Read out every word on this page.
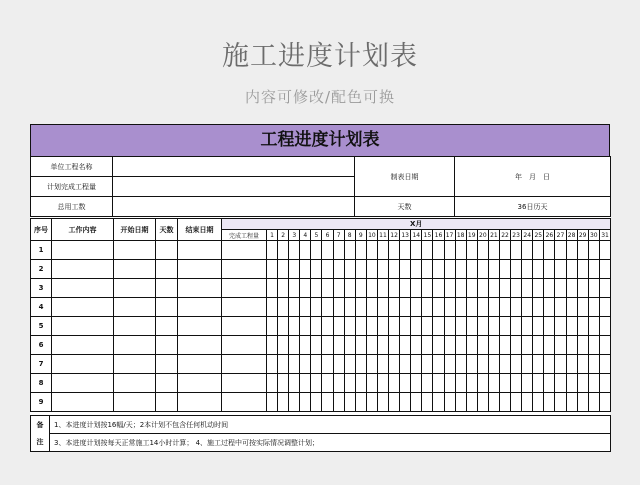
施工进度计划表
内容可修改/配色可换
工程进度计划表
单位工程名称		制表日期	年　月　日
计划完成工程量			
总用工数		天数	36日历天
序号	工作内容	开始日期	天数	结束日期	X月																															
					完成工程量	1	2	3	4	5	6	7	8	9	10	11	12	13	14	15	16	17	18	19	20	21	22	23	24	25	26	27	28	29	30	31
1																																				
2																																				
3																																				
4																																				
5																																				
6																																				
7																																				
8																																				
9																																				
备	1、本进度计划按16幅/天；2本计划不包含任何机动时间
注	3、本进度计划按每天正常施工14小时计算； 4、施工过程中可按实际情况调整计划；
